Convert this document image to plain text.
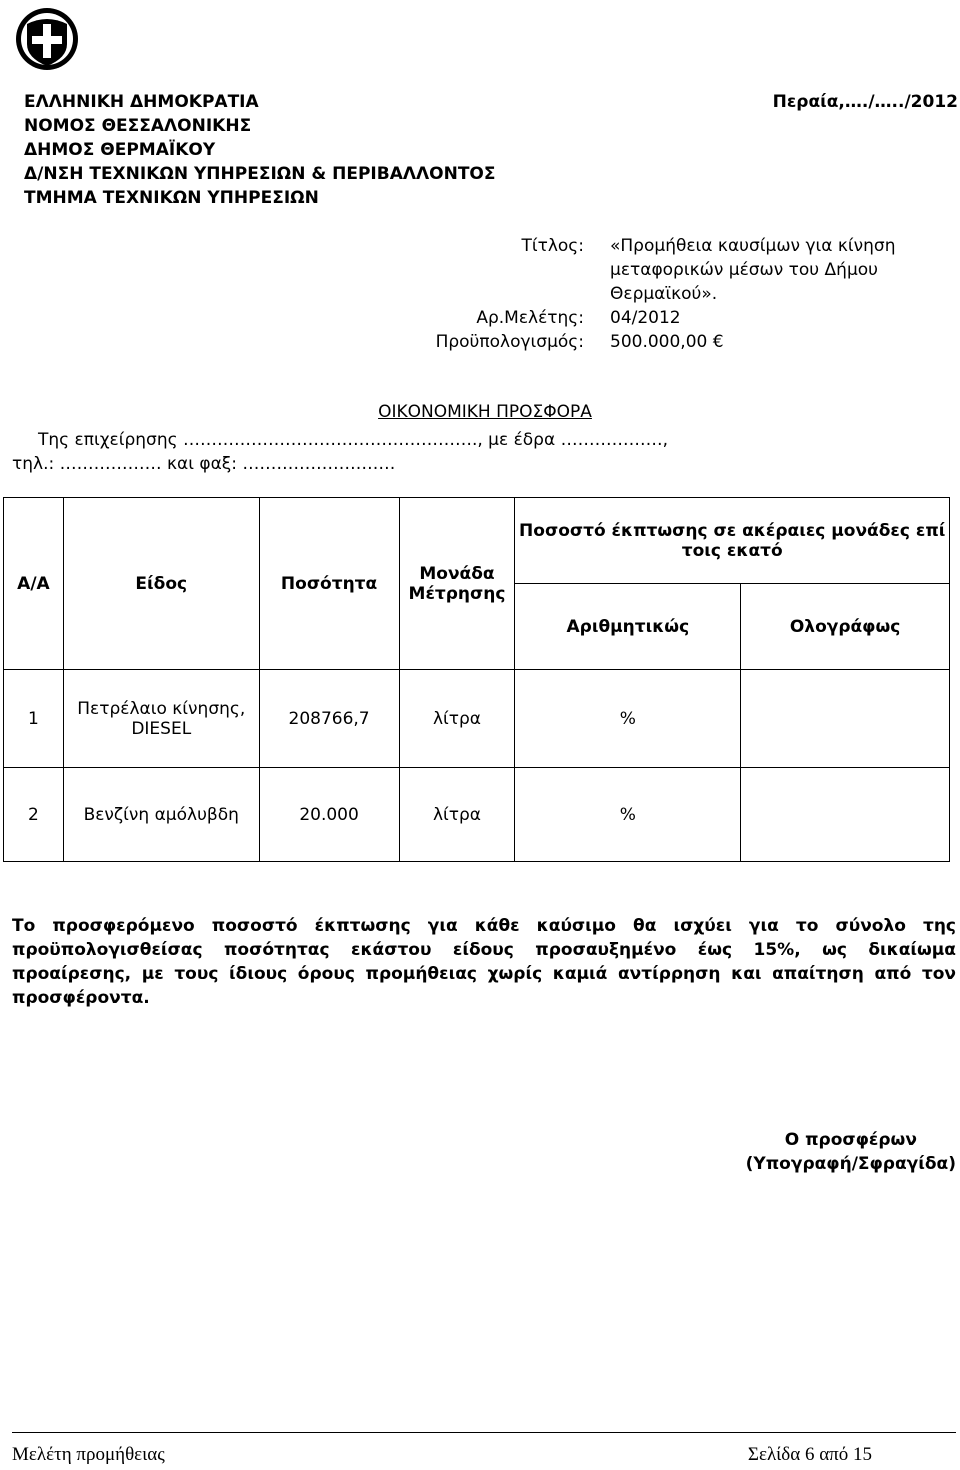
ΕΛΛΗΝΙΚΗ ΔΗΜΟΚΡΑΤΙΑ
ΝΟΜΟΣ ΘΕΣΣΑΛΟΝΙΚΗΣ
ΔΗΜΟΣ ΘΕΡΜΑΪΚΟΥ
Δ/ΝΣΗ ΤΕΧΝΙΚΩΝ ΥΠΗΡΕΣΙΩΝ & ΠΕΡΙΒΑΛΛΟΝΤΟΣ
ΤΜΗΜΑ ΤΕΧΝΙΚΩΝ ΥΠΗΡΕΣΙΩΝ
Περαία,…./…../2012
Τίτλος: «Προμήθεια καυσίμων για κίνηση
μεταφορικών μέσων του Δήμου
Θερμαϊκού».
Αρ.Μελέτης: 04/2012
Προϋπολογισμός: 500.000,00 €
ΟΙΚΟΝΟΜΙΚΗ ΠΡΟΣΦΟΡΑ
Της επιχείρησης ……………………………………………., με έδρα ………………,
τηλ.: ……………… και φαξ: ………………………
Α/Α	Είδος	Ποσότητα	Μονάδα Μέτρησης	Ποσοστό έκπτωσης σε ακέραιες μονάδες επί τοις εκατό	
				Αριθμητικώς	Ολογράφως
1	Πετρέλαιο κίνησης, DIESEL	208766,7	λίτρα	%	
2	Βενζίνη αμόλυβδη	20.000	λίτρα	%	
Το προσφερόμενο ποσοστό έκπτωσης για κάθε καύσιμο θα ισχύει για το σύνολο της προϋπολογισθείσας ποσότητας εκάστου είδους προσαυξημένο έως 15%, ως δικαίωμα προαίρεσης, με τους ίδιους όρους προμήθειας χωρίς καμιά αντίρρηση και απαίτηση από τον προσφέροντα.
Ο προσφέρων
(Υπογραφή/Σφραγίδα)
Μελέτη προμήθειας	Σελίδα 6 από 15
